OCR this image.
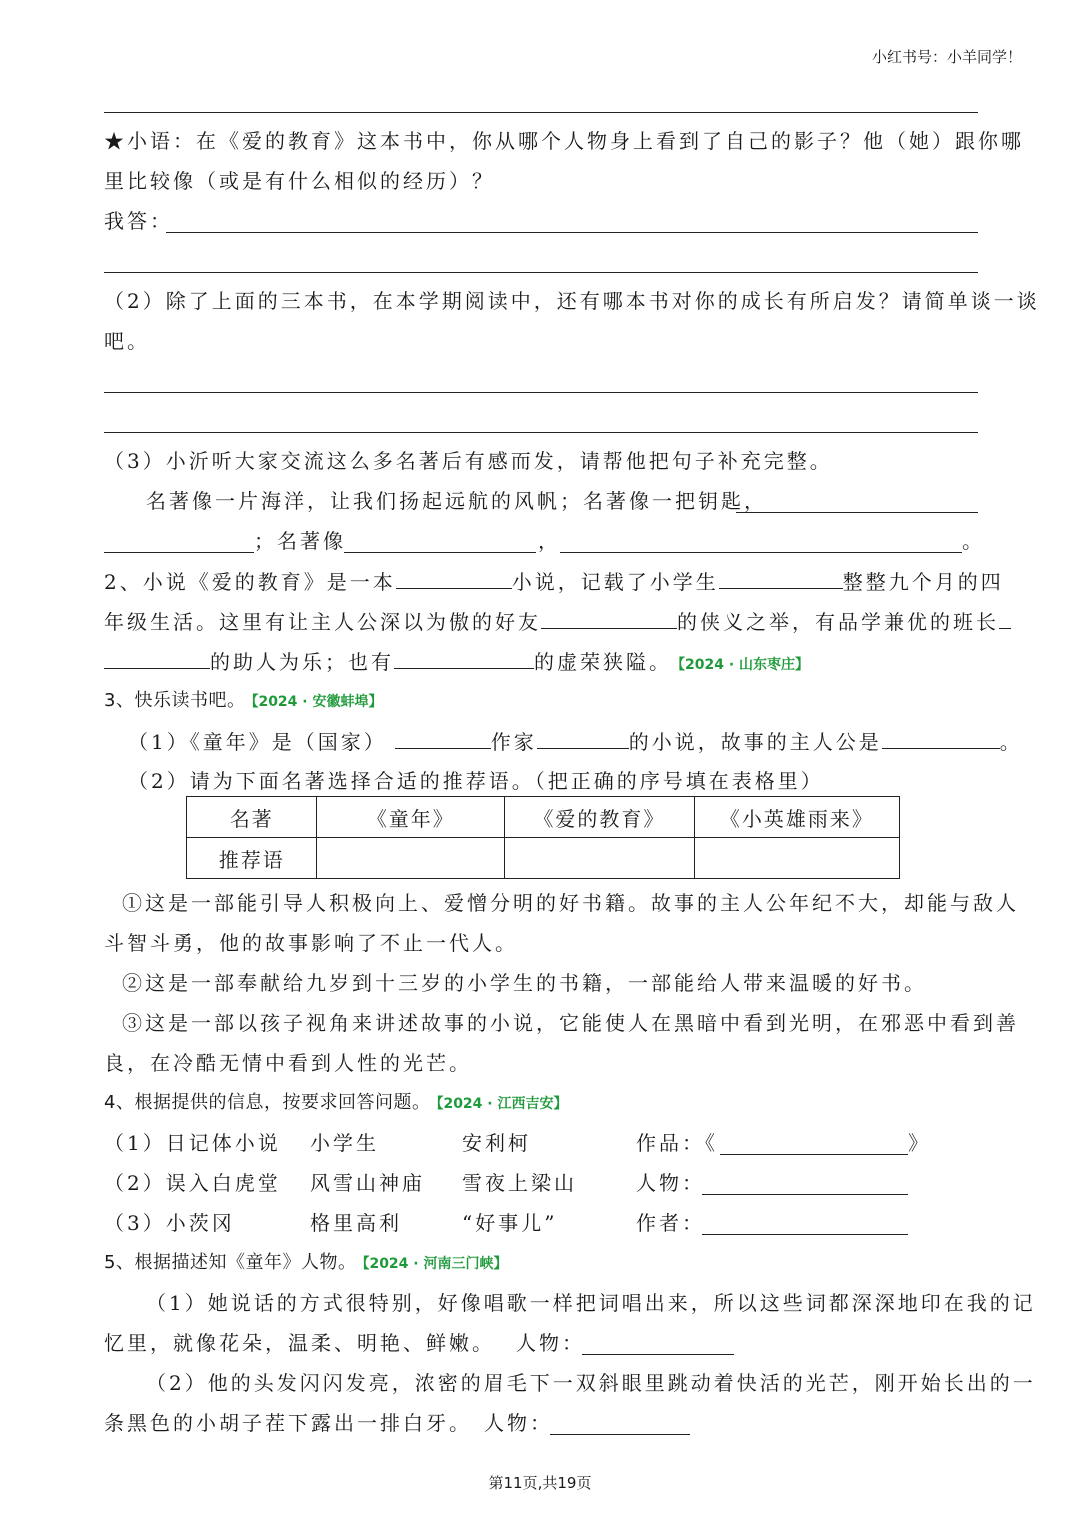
小红书号：小羊同学！
★小语：在《爱的教育》这本书中，你从哪个人物身上看到了自己的影子？他（她）跟你哪
里比较像（或是有什么相似的经历）？
我答：
（2）除了上面的三本书，在本学期阅读中，还有哪本书对你的成长有所启发？请简单谈一谈
吧。
（3）小沂听大家交流这么多名著后有感而发，请帮他把句子补充完整。
名著像一片海洋，让我们扬起远航的风帆；名著像一把钥匙，
；名著像	，	。
2、小说《爱的教育》是一本	小说，记载了小学生	整整九个月的四
年级生活。这里有让主人公深以为傲的好友	的侠义之举，有品学兼优的班长
的助人为乐；也有	的虚荣狭隘。 【2024 · 山东枣庄】
3、快乐读书吧。 【2024 · 安徽蚌埠】
（1）《童年》是（国家）	作家	的小说，故事的主人公是	。
（2）请为下面名著选择合适的推荐语。（把正确的序号填在表格里）
名著	《童年》	《爱的教育》	《小英雄雨来》
推荐语			
①这是一部能引导人积极向上、爱憎分明的好书籍。故事的主人公年纪不大，却能与敌人
斗智斗勇，他的故事影响了不止一代人。
②这是一部奉献给九岁到十三岁的小学生的书籍，一部能给人带来温暖的好书。
③这是一部以孩子视角来讲述故事的小说，它能使人在黑暗中看到光明，在邪恶中看到善
良，在冷酷无情中看到人性的光芒。
4、根据提供的信息，按要求回答问题。 【2024 · 江西吉安】
（1）日记体小说 小学生	安利柯	作品：《	》
（2）误入白虎堂 风雪山神庙 雪夜上梁山	人物：
（3）小茨冈	格里高利	“好事儿”	作者：
5、根据描述知《童年》人物。 【2024 · 河南三门峡】
（1）她说话的方式很特别，好像唱歌一样把词唱出来，所以这些词都深深地印在我的记
忆里，就像花朵，温柔、明艳、鲜嫩。 人物：
（2）他的头发闪闪发亮，浓密的眉毛下一双斜眼里跳动着快活的光芒，刚开始长出的一
条黑色的小胡子茬下露出一排白牙。 人物：
第11页,共19页
